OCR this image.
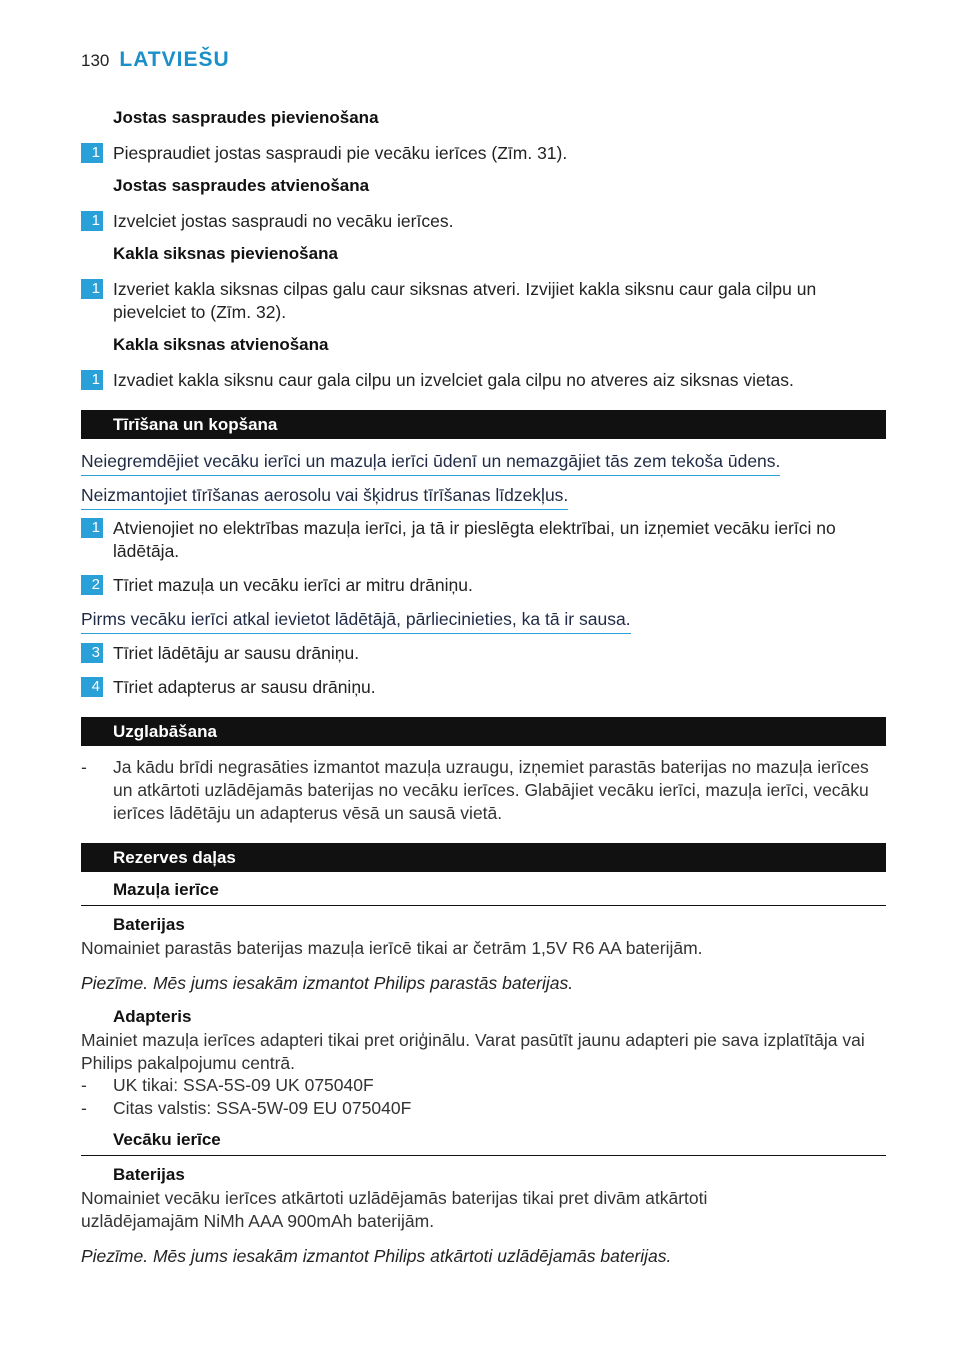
130 LATVIEŠU
Jostas saspraudes pievienošana
1 Piespraudiet jostas saspraudi pie vecāku ierīces (Zīm. 31).
Jostas saspraudes atvienošana
1 Izvelciet jostas saspraudi no vecāku ierīces.
Kakla siksnas pievienošana
1 Izveriet kakla siksnas cilpas galu caur siksnas atveri. Izvijiet kakla siksnu caur gala cilpu un pievelciet to (Zīm. 32).
Kakla siksnas atvienošana
1 Izvadiet kakla siksnu caur gala cilpu un izvelciet gala cilpu no atveres aiz siksnas vietas.
Tīrīšana un kopšana
Neiegremdējiet vecāku ierīci un mazuļa ierīci ūdenī un nemazgājiet tās zem tekoša ūdens.
Neizmantojiet tīrīšanas aerosolu vai šķidrus tīrīšanas līdzekļus.
1 Atvienojiet no elektrības mazuļa ierīci, ja tā ir pieslēgta elektrībai, un izņemiet vecāku ierīci no lādētāja.
2 Tīriet mazuļa un vecāku ierīci ar mitru drāniņu.
Pirms vecāku ierīci atkal ievietot lādētājā, pārliecinieties, ka tā ir sausa.
3 Tīriet lādētāju ar sausu drāniņu.
4 Tīriet adapterus ar sausu drāniņu.
Uzglabāšana
-	Ja kādu brīdi negrasāties izmantot mazuļa uzraugu, izņemiet parastās baterijas no mazuļa ierīces un atkārtoti uzlādējamās baterijas no vecāku ierīces. Glabājiet vecāku ierīci, mazuļa ierīci, vecāku ierīces lādētāju un adapterus vēsā un sausā vietā.
Rezerves daļas
Mazuļa ierīce
Baterijas
Nomainiet parastās baterijas mazuļa ierīcē tikai ar četrām 1,5V R6 AA baterijām.
Piezīme. Mēs jums iesakām izmantot Philips parastās baterijas.
Adapteris
Mainiet mazuļa ierīces adapteri tikai pret oriģinālu. Varat pasūtīt jaunu adapteri pie sava izplatītāja vai Philips pakalpojumu centrā.
-	UK tikai: SSA-5S-09 UK 075040F
-	Citas valstis: SSA-5W-09 EU 075040F
Vecāku ierīce
Baterijas
Nomainiet vecāku ierīces atkārtoti uzlādējamās baterijas tikai pret divām atkārtoti uzlādējamajām NiMh AAA 900mAh baterijām.
Piezīme. Mēs jums iesakām izmantot Philips atkārtoti uzlādējamās baterijas.
